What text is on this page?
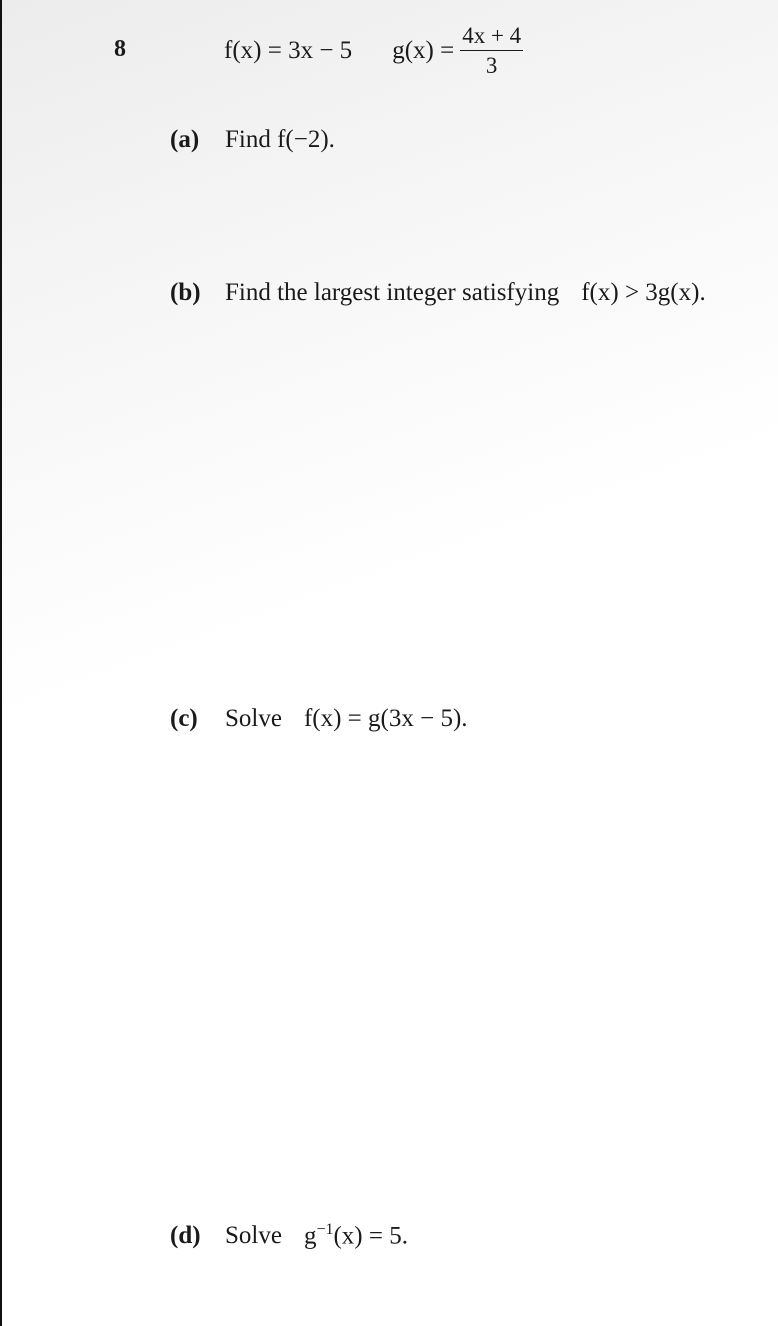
8	f(x) = 3x − 5 $g(x) = \frac{4x + 4}{3}$
(a)	Find f(−2).
(b) Find the largest integer satisfying f(x) > 3g(x).
(c)	Solve f(x) = g(3x − 5).
(d) Solve $g^{-1}(x) = 5$.
